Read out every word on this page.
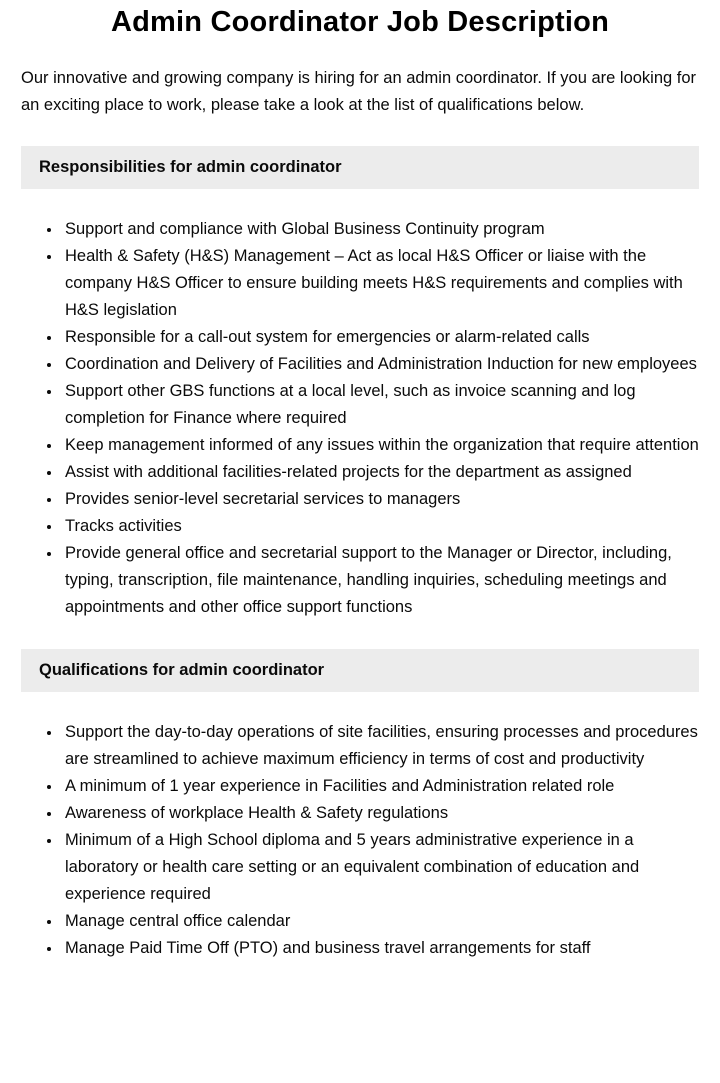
Admin Coordinator Job Description

Our innovative and growing company is hiring for an admin coordinator. If you are looking for an exciting place to work, please take a look at the list of qualifications below.

Responsibilities for admin coordinator
• Support and compliance with Global Business Continuity program
• Health & Safety (H&S) Management – Act as local H&S Officer or liaise with the company H&S Officer to ensure building meets H&S requirements and complies with H&S legislation
• Responsible for a call-out system for emergencies or alarm-related calls
• Coordination and Delivery of Facilities and Administration Induction for new employees
• Support other GBS functions at a local level, such as invoice scanning and log completion for Finance where required
• Keep management informed of any issues within the organization that require attention
• Assist with additional facilities-related projects for the department as assigned
• Provides senior-level secretarial services to managers
• Tracks activities
• Provide general office and secretarial support to the Manager or Director, including, typing, transcription, file maintenance, handling inquiries, scheduling meetings and appointments and other office support functions
Qualifications for admin coordinator
• Support the day-to-day operations of site facilities, ensuring processes and procedures are streamlined to achieve maximum efficiency in terms of cost and productivity
• A minimum of 1 year experience in Facilities and Administration related role
• Awareness of workplace Health & Safety regulations
• Minimum of a High School diploma and 5 years administrative experience in a laboratory or health care setting or an equivalent combination of education and experience required
• Manage central office calendar
• Manage Paid Time Off (PTO) and business travel arrangements for staff
